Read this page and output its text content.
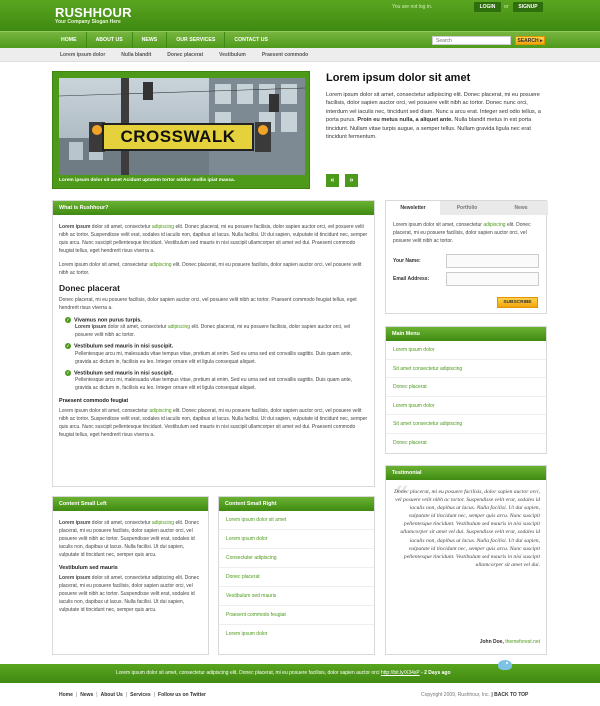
RUSHHOUR
Your Company Slogan Here
You are not log in.	LOGIN	or	SIGNUP
HOME	ABOUT US	NEWS	OUR SERVICES	CONTACT US
Search	SEARCH ▸
Lorem ipsum dolor	Nulla blandit	Donec placerat	Vestibulum	Praesent commodo
CROSSWALK
Lorem ipsum dolor sit amet Acidunt uptatem tortor sdolor mollis ipiat massa.
Lorem ipsum dolor sit amet
Lorem ipsum dolor sit amet, consectetur adipiscing elit. Donec placerat, mi eu posuere facilisis, dolor sapien auctor orci, vel posuere velit nibh ac tortor. Donec nunc orci, interdum vel iaculis nec, tincidunt sed diam. Nunc a arcu erat. Integer sed odio tellus, a porta purus. Proin eu metus nulla, a aliquet ante. Nulla blandit metus in est porta tincidunt. Nullam vitae turpis augue, a semper tellus. Nullam gravida ligula nec erat tincidunt fermentum.
«	»
What is Rushhour?

Lorem ipsum dolor sit amet, consectetur adipiscing elit. Donec placerat, mi eu posuere facilisis, dolor sapien auctor orci, vel posuere velit nibh ac tortor. Suspendisse velit erat, sodales id iaculis non, dapibus ut lacus. Nulla facilisi. Ut dui sapien, vulputate id tincidunt nec, semper quis arcu. Nunc suscipit pellentesque tincidunt. Vestibulum sed mauris in nisi suscipit ullamcorper sit amet vel dui. Praesent commodo feugiat tellus, eget hendrerit risus viverra a.

Lorem ipsum dolor sit amet, consectetur adipiscing elit. Donec placerat, mi eu posuere facilisis, dolor sapien auctor orci, vel posuere velit nibh ac tortor.

Donec placerat

Donec placerat, mi eu posuere facilisis, dolor sapien auctor orci, vel posuere velit nibh ac tortor. Praesent commodo feugiat tellus, eget hendrerit risus viverra a.

✓ Vivamus non purus turpis.

Lorem ipsum dolor sit amet, consectetur adipiscing elit. Donec placerat, mi eu posuere facilisis, dolor sapien auctor orci, vel posuere velit nibh ac tortor.

✓ Vestibulum sed mauris in nisi suscipit.

Pellentesque arcu mi, malesuada vitae tempus vitae, pretium at enim. Sed eu urna sed est convallis sagittis. Duis quam ante, gravida ac dictum in, facilisis eu leo. Integer ornare elit et ligula consequat aliquet.

✓ Vestibulum sed mauris in nisi suscipit.

Pellentesque arcu mi, malesuada vitae tempus vitae, pretium at enim. Sed eu urna sed est convallis sagittis. Duis quam ante, gravida ac dictum in, facilisis eu leo. Integer ornare elit et ligula consequat aliquet.

Praesent commodo feugiat

Lorem ipsum dolor sit amet, consectetur adipiscing elit. Donec placerat, mi eu posuere facilisis, dolor sapien auctor orci, vel posuere velit nibh ac tortor. Suspendisse velit erat, sodales id iaculis non, dapibus ut lacus. Nulla facilisi. Ut dui sapien, vulputate id tincidunt nec, semper quis arcu. Nunc suscipit pellentesque tincidunt. Vestibulum sed mauris in nisi suscipit ullamcorper sit amet vel dui. Praesent commodo feugiat tellus, eget hendrerit risus viverra a.

Newsletter	Portfolio	News

Lorem ipsum dolor sit amet, consectetur adipiscing elit. Donec placerat, mi eu posuere facilisis, dolor sapien auctor orci, vel posuere velit nibh ac tortor.

Your Name:
Email Address:
SUBSCRIBE
Main Menu
Lorem ipsum dolor
Sit amet consectetur adipiscing
Donec placerat
Lorem ipsum dolor
Sit amet consectetur adipiscing
Donec placerat
Testimonial
“

Donec placerat, mi eu posuere facilisis, dolor sapien auctor orci, vel posuere velit nibh ac tortor. Suspendisse velit erat, sodales id iaculis non, dapibus ut lacus. Nulla facilisi. Ut dui sapien, vulputate id tincidunt nec, semper quis arcu. Nunc suscipit pellentesque tincidunt. Vestibulum sed mauris in nisi suscipit ullamcorper sit amet vel dui. Suspendisse velit erat, sodales id iaculis non, dapibus ut lacus. Nulla facilisi. Ut dui sapien, vulputate id tincidunt nec, semper quis arcu. Nunc suscipit pellentesque tincidunt. Vestibulum sed mauris in nisi suscipit ullamcorper sit amet vel dui.

John Doe, themeforest.net
Content Small Left

Lorem ipsum dolor sit amet, consectetur adipiscing elit. Donec placerat, mi eu posuere facilisis, dolor sapien auctor orci, vel posuere velit nibh ac tortor. Suspendisse velit erat, sodales id iaculis non, dapibus ut lacus. Nulla facilisi. Ut dui sapien, vulputate id tincidunt nec, semper quis arcu.

Vestibulum sed mauris

Lorem ipsum dolor sit amet, consectetur adipiscing elit. Donec placerat, mi eu posuere facilisis, dolor sapien auctor orci, vel posuere velit nibh ac tortor. Suspendisse velit erat, sodales id iaculis non, dapibus ut lacus. Nulla facilisi. Ut dui sapien, vulputate id tincidunt nec, semper quis arcu.

Content Small Right
Lorem ipsum dolor sit amet
Lorem ipsum dolor
Consectuter adipiscing
Donec placerat
Vestibulum sed mauris
Praesent commodo feugiat
Lorem ipsum dolor
Lorem ipsum dolor sit amet, consectetur adipiscing elit. Donec placerat, mi eu posuere facilisis, dolor sapien auctor orci http://bit.ly/X34sP - 2 Days ago
Home | News | About Us | Services | Follow us on Twitter	Copyright 2009, Rushhour, Inc. | BACK TO TOP
